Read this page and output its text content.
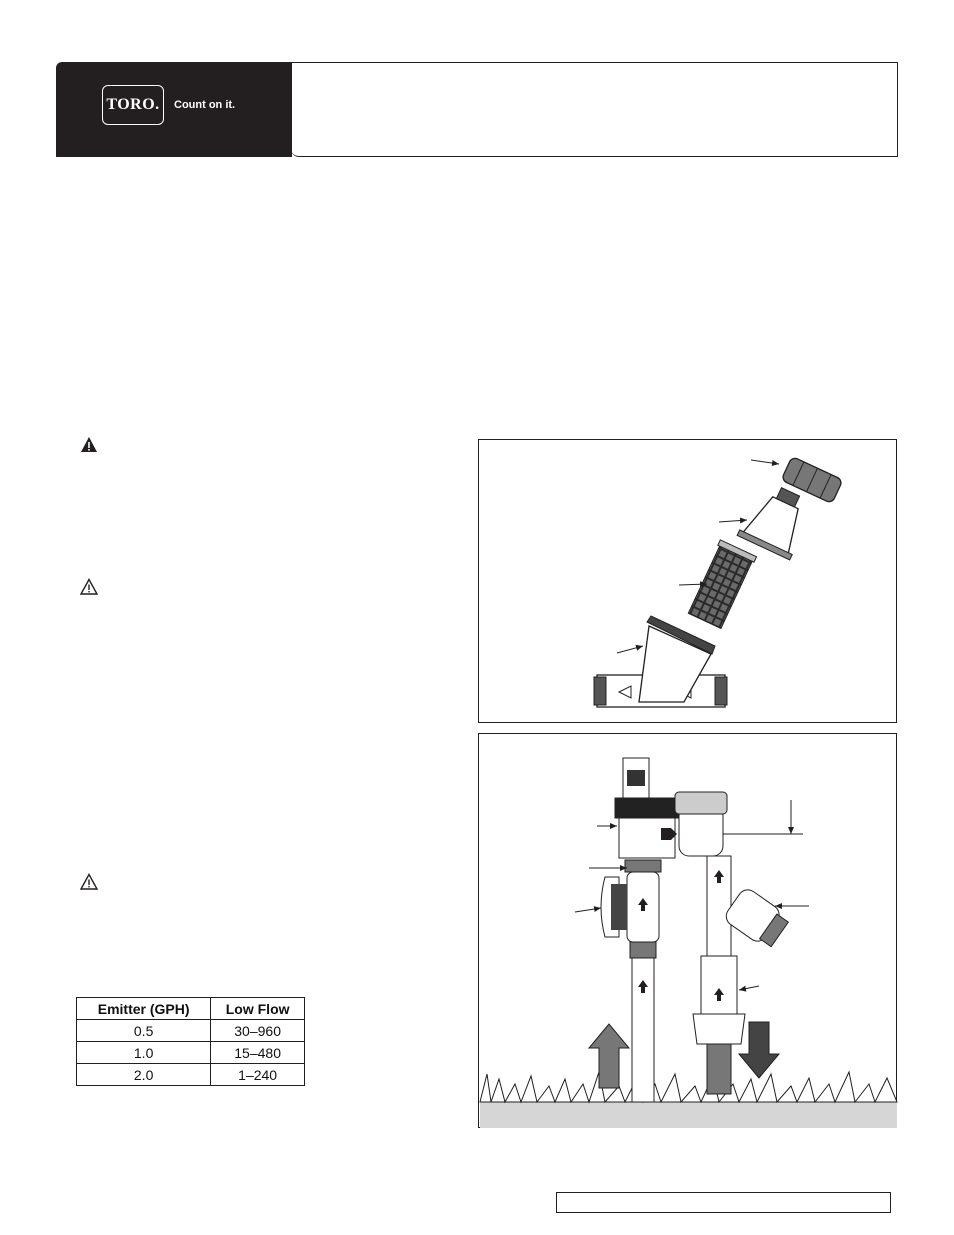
TORO. Count on it.
Emitter (GPH)	Low Flow
0.5	30–960
1.0	15–480
2.0	1–240
